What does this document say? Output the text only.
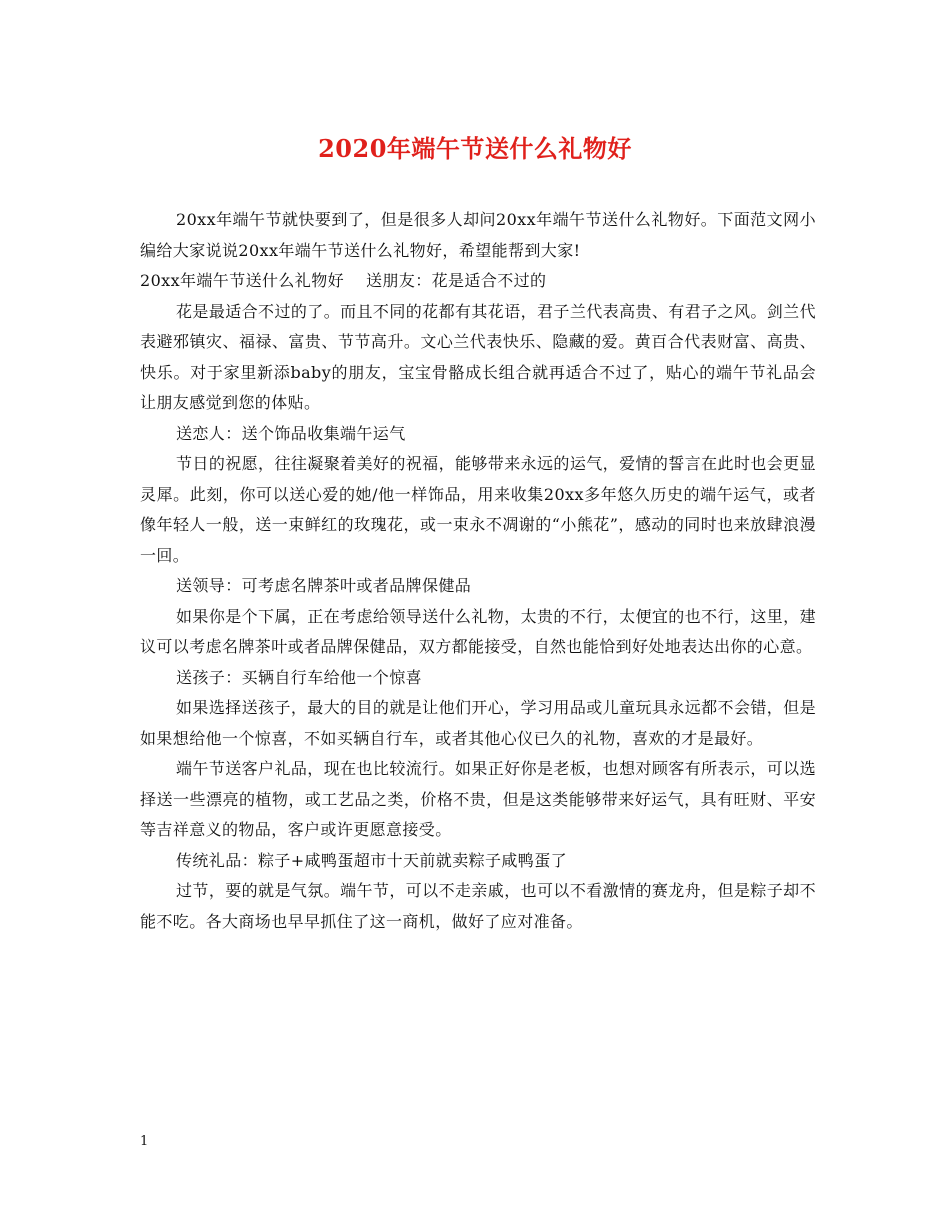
2020年端午节送什么礼物好

20xx年端午节就快要到了，但是很多人却问20xx年端午节送什么礼物好。下面范文网小编给大家说说20xx年端午节送什么礼物好，希望能帮到大家!

20xx年端午节送什么礼物好 送朋友：花是适合不过的

花是最适合不过的了。而且不同的花都有其花语，君子兰代表高贵、有君子之风。剑兰代表避邪镇灾、福禄、富贵、节节高升。文心兰代表快乐、隐藏的爱。黄百合代表财富、高贵、快乐。对于家里新添baby的朋友，宝宝骨骼成长组合就再适合不过了，贴心的端午节礼品会让朋友感觉到您的体贴。

送恋人：送个饰品收集端午运气

节日的祝愿，往往凝聚着美好的祝福，能够带来永远的运气，爱情的誓言在此时也会更显灵犀。此刻，你可以送心爱的她/他一样饰品，用来收集20xx多年悠久历史的端午运气，或者像年轻人一般，送一束鲜红的玫瑰花，或一束永不凋谢的“小熊花”，感动的同时也来放肆浪漫一回。

送领导：可考虑名牌茶叶或者品牌保健品

如果你是个下属，正在考虑给领导送什么礼物，太贵的不行，太便宜的也不行，这里，建议可以考虑名牌茶叶或者品牌保健品，双方都能接受，自然也能恰到好处地表达出你的心意。

送孩子：买辆自行车给他一个惊喜

如果选择送孩子，最大的目的就是让他们开心，学习用品或儿童玩具永远都不会错，但是如果想给他一个惊喜，不如买辆自行车，或者其他心仪已久的礼物，喜欢的才是最好。

端午节送客户礼品，现在也比较流行。如果正好你是老板，也想对顾客有所表示，可以选择送一些漂亮的植物，或工艺品之类，价格不贵，但是这类能够带来好运气，具有旺财、平安等吉祥意义的物品，客户或许更愿意接受。

传统礼品：粽子+咸鸭蛋超市十天前就卖粽子咸鸭蛋了

过节，要的就是气氛。端午节，可以不走亲戚，也可以不看激情的赛龙舟，但是粽子却不能不吃。各大商场也早早抓住了这一商机，做好了应对准备。

1
